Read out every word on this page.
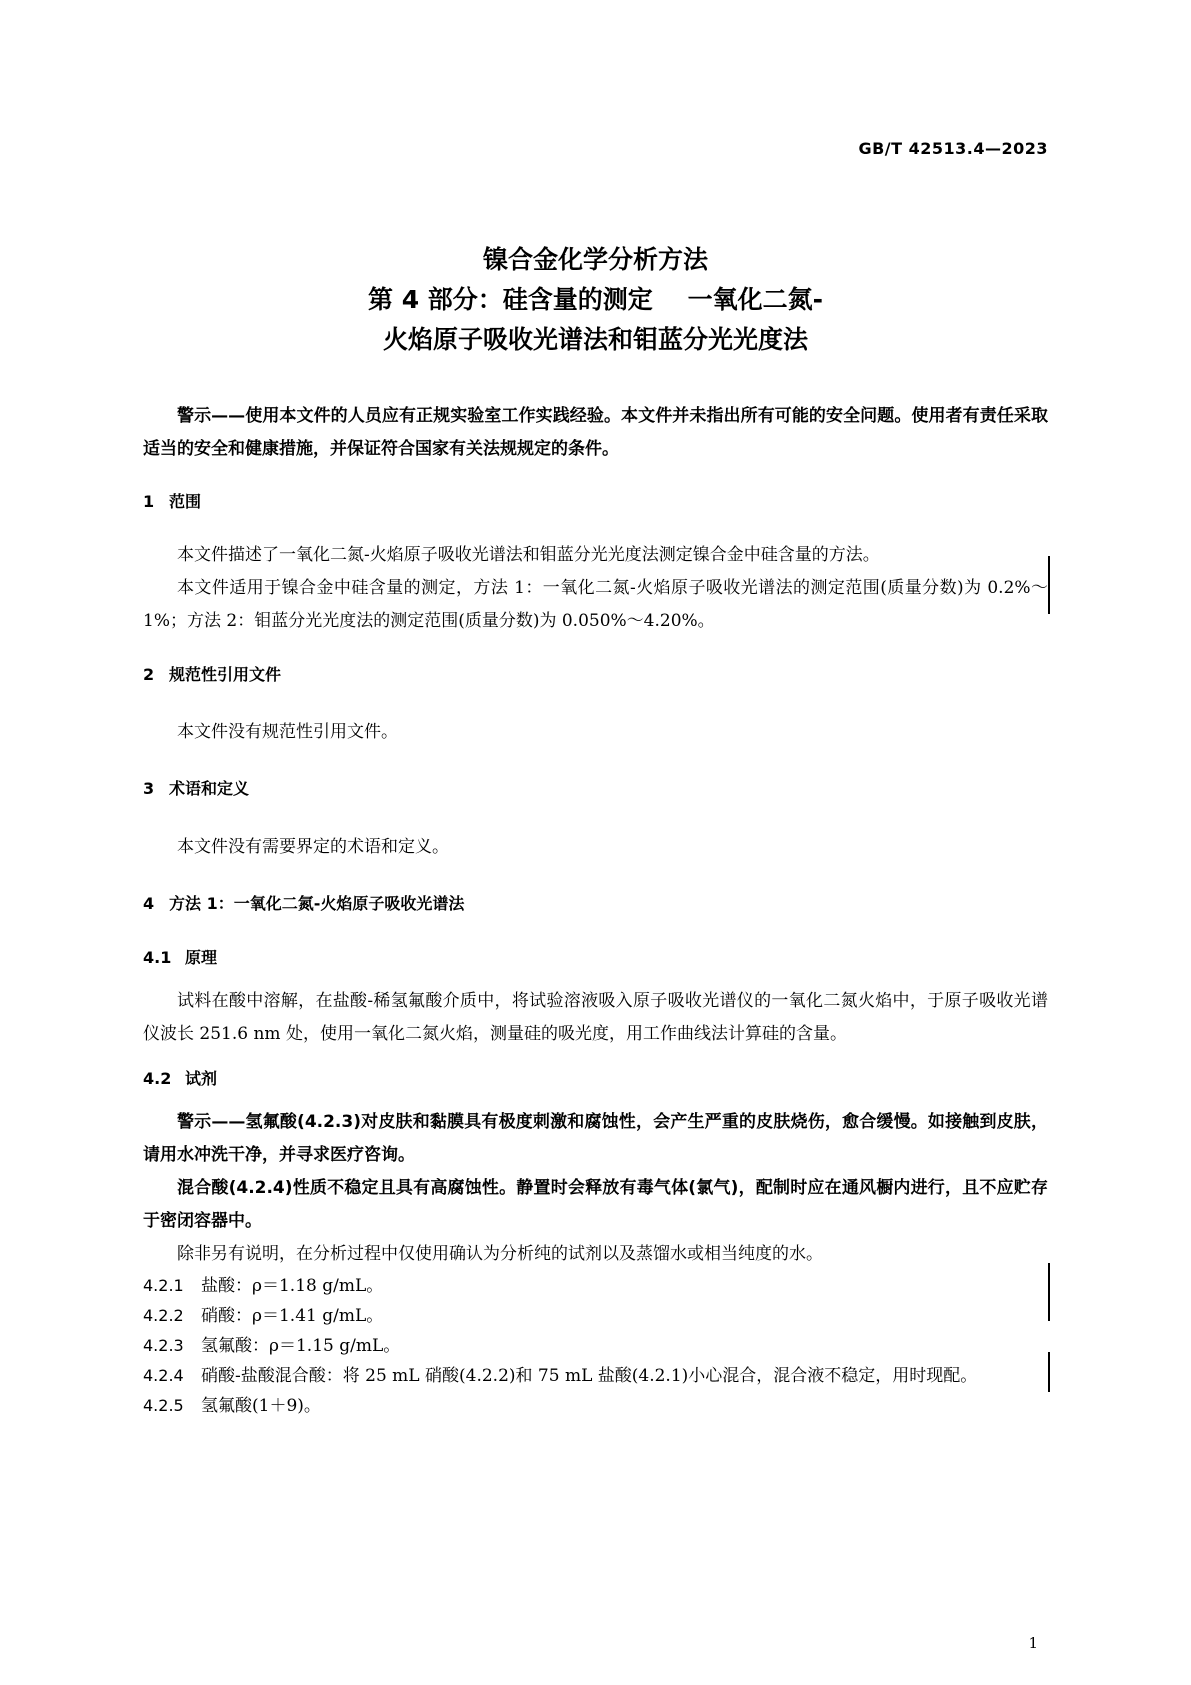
GB/T 42513.4—2023
镍合金化学分析方法
第 4 部分：硅含量的测定    一氧化二氮-
火焰原子吸收光谱法和钼蓝分光光度法

警示——使用本文件的人员应有正规实验室工作实践经验。本文件并未指出所有可能的安全问题。使用者有责任采取适当的安全和健康措施，并保证符合国家有关法规规定的条件。

1 范围

本文件描述了一氧化二氮-火焰原子吸收光谱法和钼蓝分光光度法测定镍合金中硅含量的方法。

本文件适用于镍合金中硅含量的测定，方法 1：一氧化二氮-火焰原子吸收光谱法的测定范围(质量分数)为 0.2%～1%；方法 2：钼蓝分光光度法的测定范围(质量分数)为 0.050%～4.20%。

2 规范性引用文件

本文件没有规范性引用文件。

3 术语和定义

本文件没有需要界定的术语和定义。

4 方法 1：一氧化二氮-火焰原子吸收光谱法

4.1 原理

试料在酸中溶解，在盐酸-稀氢氟酸介质中，将试验溶液吸入原子吸收光谱仪的一氧化二氮火焰中，于原子吸收光谱仪波长 251.6 nm 处，使用一氧化二氮火焰，测量硅的吸光度，用工作曲线法计算硅的含量。

4.2 试剂

警示——氢氟酸(4.2.3)对皮肤和黏膜具有极度刺激和腐蚀性，会产生严重的皮肤烧伤，愈合缓慢。如接触到皮肤，请用水冲洗干净，并寻求医疗咨询。

混合酸(4.2.4)性质不稳定且具有高腐蚀性。静置时会释放有毒气体(氯气)，配制时应在通风橱内进行，且不应贮存于密闭容器中。

除非另有说明，在分析过程中仅使用确认为分析纯的试剂以及蒸馏水或相当纯度的水。

4.2.1 盐酸：ρ＝1.18 g/mL。

4.2.2 硝酸：ρ＝1.41 g/mL。

4.2.3 氢氟酸：ρ＝1.15 g/mL。

4.2.4 硝酸-盐酸混合酸：将 25 mL 硝酸(4.2.2)和 75 mL 盐酸(4.2.1)小心混合，混合液不稳定，用时现配。

4.2.5 氢氟酸(1＋9)。

1
